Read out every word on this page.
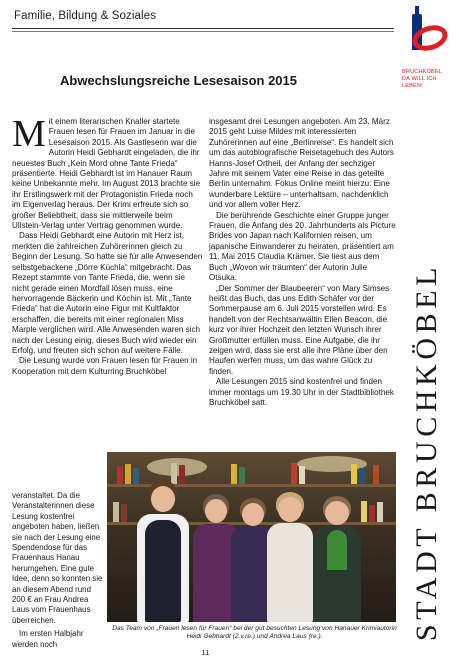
Familie, Bildung & Soziales
BRUCHKÖBEL
DA WILL ICH
LEBEN!
STADT BRUCHKÖBEL
Abwechslungsreiche Lesesaison 2015

Mit einem literarischen Knaller startete Frauen lesen für Frauen im Januar in die Lesesaison 2015. Als Gastleserin war die Autorin Heidi Gebhardt eingeladen, die ihr neuestes Buch „Kein Mord ohne Tante Frieda“ präsentierte. Heidi Gebhardt ist im Hanauer Raum keine Unbekannte mehr. Im August 2013 brachte sie ihr Erstlingswerk mit der Protagonistin Frieda noch im Eigenverlag heraus. Der Krimi erfreute sich so großer Beliebtheit, dass sie mittlerweile beim Ullstein-Verlag unter Vertrag genommen wurde.

Dass Heidi Gebhardt eine Autorin mit Herz ist, merkten die zahlreichen Zuhörerinnen gleich zu Beginn der Lesung. So hatte sie für alle Anwesenden selbstgebackene „Dörre Küchla“ mitgebracht. Das Rezept stammte von Tante Frieda, die, wenn sie nicht gerade einen Mordfall lösen muss, eine hervorragende Bäckerin und Köchin ist. Mit „Tante Frieda“ hat die Autorin eine Figur mit Kultfaktor erschaffen, die bereits mit einer regionalen Miss Marple verglichen wird. Alle Anwesenden waren sich nach der Lesung einig, dieses Buch wird wieder ein Erfolg, und freuten sich schon auf weitere Fälle.

Die Lesung wurde von Frauen lesen für Frauen in Kooperation mit dem Kulturring Bruchköbel

veranstaltet. Da die Veranstalterinnen diese Lesung kostenfrei angeboten haben, ließen sie nach der Lesung eine Spendendose für das Frauenhaus Hanau herumgehen. Eine gute Idee, denn so konnten sie an diesem Abend rund 200 € an Frau Andrea Laus vom Frauenhaus überreichen.

Im ersten Halbjahr werden noch

insgesamt drei Lesungen angeboten. Am 23. März 2015 geht Luise Mildes mit interessierten Zuhörerinnen auf eine „Berlinreise“. Es handelt sich um das autobiografische Reisetagebuch des Autors Hanns-Josef Ortheil, der Anfang der sechziger Jahre mit seinem Vater eine Reise in das geteilte Berlin unternahm. Fokus Online meint hierzu: Eine wunderbare Lektüre – unterhaltsam, nachdenklich und vor allem voller Herz.

Die berührende Geschichte einer Gruppe junger Frauen, die Anfang des 20. Jahrhunderts als Picture Brides von Japan nach Kalifornien reisen, um japanische Einwanderer zu heiraten, präsentiert am 11. Mai 2015 Claudia Krämer. Sie liest aus dem Buch „Wovon wir träumten“ der Autorin Julie Otsuka.

„Der Sommer der Blaubeeren“ von Mary Simses heißt das Buch, das uns Edith Schäfer vor der Sommerpause am 6. Juli 2015 vorstellen wird. Es handelt von der Rechtsanwältin Ellen Beacon, die kurz vor ihrer Hochzeit den letzten Wunsch ihrer Großmutter erfüllen muss. Eine Aufgabe, die ihr zeigen wird, dass sie erst alle ihre Pläne über den Haufen werfen muss, um das wahre Glück zu finden.

Alle Lesungen 2015 sind kostenfrei und finden immer montags um 19.30 Uhr in der Stadtbibliothek Bruchköbel satt.

Das Team von „Frauen lesen für Frauen“ bei der gut besuchten Lesung von Hanauer Krimiautorin Heidi Gebhardt (2.v.re.) und Andrea Laus (re.).
11
